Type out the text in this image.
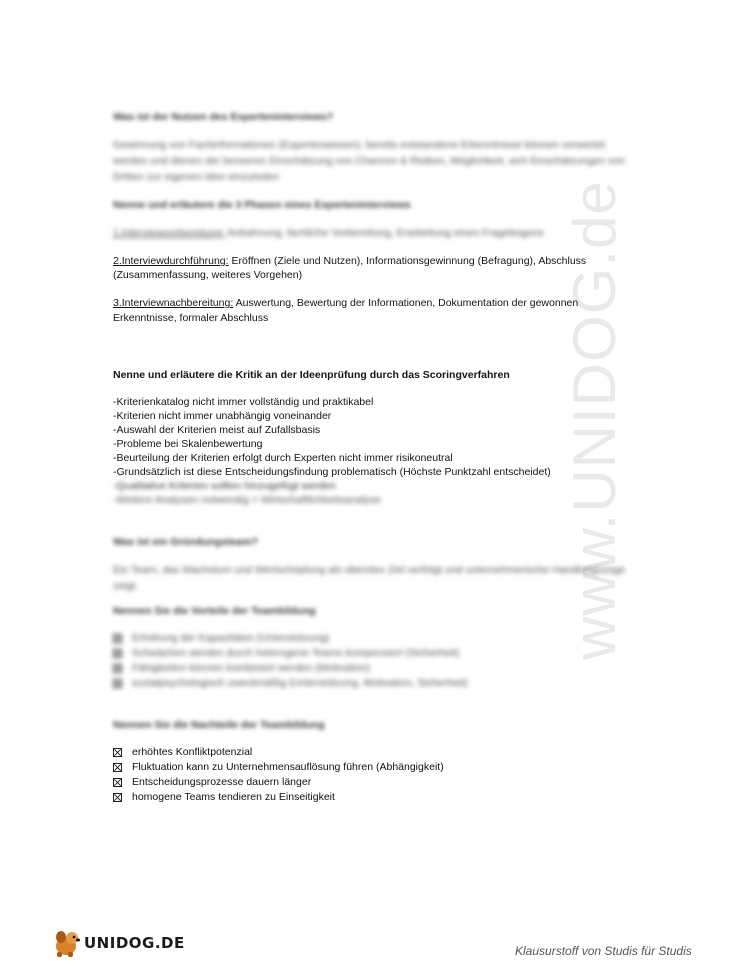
www.UNIDOG.de
Was ist der Nutzen des Experteninterviews?
Gewinnung von Fachinformationen (Expertenwissen), bereits entstandene Erkenntnisse können verwertet werden und dienen der besseren Einschätzung von Chancen & Risiken, Möglichkeit, sich Einschätzungen von Dritten zur eigenen Idee einzuholen
Nenne und erläutere die 3 Phasen eines Experteninterviews
1.Interviewvorbereitung: Anbahnung, fachliche Vorbereitung, Erarbeitung eines Fragebogens
2.Interviewdurchführung: Eröffnen (Ziele und Nutzen), Informationsgewinnung (Befragung), Abschluss (Zusammenfassung, weiteres Vorgehen)
3.Interviewnachbereitung: Auswertung, Bewertung der Informationen, Dokumentation der gewonnen Erkenntnisse, formaler Abschluss
Nenne und erläutere die Kritik an der Ideenprüfung durch das Scoringverfahren
-Kriterienkatalog nicht immer vollständig und praktikabel
-Kriterien nicht immer unabhängig voneinander
-Auswahl der Kriterien meist auf Zufallsbasis
-Probleme bei Skalenbewertung
-Beurteilung der Kriterien erfolgt durch Experten nicht immer risikoneutral
-Grundsätzlich ist diese Entscheidungsfindung problematisch (Höchste Punktzahl entscheidet)
-Qualitative Kriterien sollten hinzugefügt werden
-Weitere Analysen notwendig > Wirtschaftlichkeitsanalyse
Was ist ein Gründungsteam?
Ein Team, das Wachstum und Wertschöpfung als oberstes Ziel verfolgt und unternehmerische Handlungszüge zeigt.
Nennen Sie die Vorteile der Teambildung
Erhöhung der Kapazitäten (Unterstützung)
Schwächen werden durch heterogene Teams kompensiert (Sicherheit)
Fähigkeiten können kombiniert werden (Motivation)
sozialpsychologisch zweckmäßig (Unterstützung, Motivation, Sicherheit)
Nennen Sie die Nachteile der Teambildung
erhöhtes Konfliktpotenzial
Fluktuation kann zu Unternehmensauflösung führen (Abhängigkeit)
Entscheidungsprozesse dauern länger
homogene Teams tendieren zu Einseitigkeit
UNIDOG.DE	Klausurstoff von Studis für Studis
